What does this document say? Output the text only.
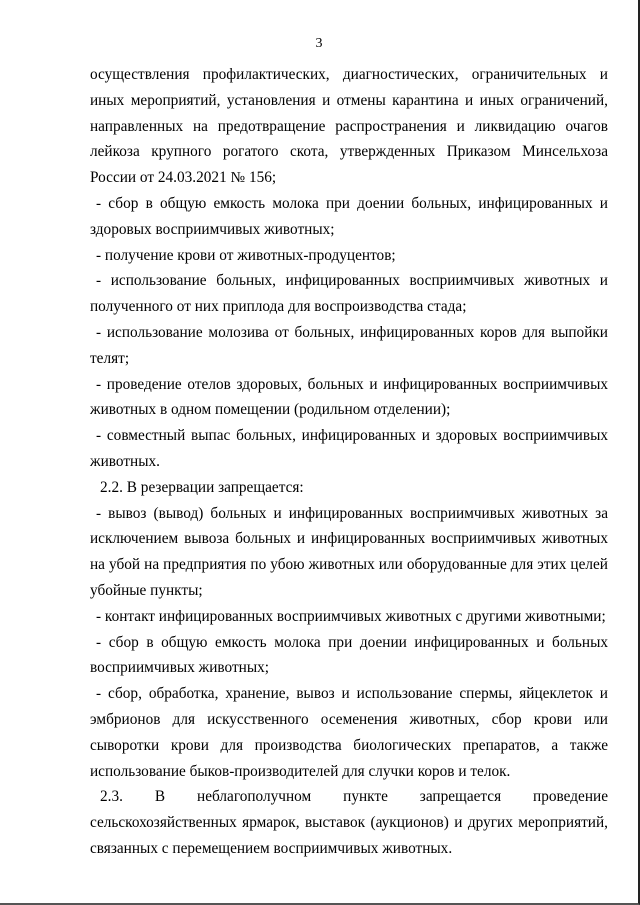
3

осуществления профилактических, диагностических, ограничительных и иных мероприятий, установления и отмены карантина и иных ограничений, направленных на предотвращение распространения и ликвидацию очагов лейкоза крупного рогатого скота, утвержденных Приказом Минсельхоза России от 24.03.2021 № 156;

- сбор в общую емкость молока при доении больных, инфицированных и здоровых восприимчивых животных;

- получение крови от животных-продуцентов;

- использование больных, инфицированных восприимчивых животных и полученного от них приплода для воспроизводства стада;

- использование молозива от больных, инфицированных коров для выпойки телят;

- проведение отелов здоровых, больных и инфицированных восприимчивых животных в одном помещении (родильном отделении);

- совместный выпас больных, инфицированных и здоровых восприимчивых животных.

2.2. В резервации запрещается:

- вывоз (вывод) больных и инфицированных восприимчивых животных за исключением вывоза больных и инфицированных восприимчивых животных на убой на предприятия по убою животных или оборудованные для этих целей убойные пункты;

- контакт инфицированных восприимчивых животных с другими животными;

- сбор в общую емкость молока при доении инфицированных и больных восприимчивых животных;

- сбор, обработка, хранение, вывоз и использование спермы, яйцеклеток и эмбрионов для искусственного осеменения животных, сбор крови или сыворотки крови для производства биологических препаратов, а также использование быков-производителей для случки коров и телок.

2.3. В неблагополучном пункте запрещается проведение сельскохозяйственных ярмарок, выставок (аукционов) и других мероприятий, связанных с перемещением восприимчивых животных.
